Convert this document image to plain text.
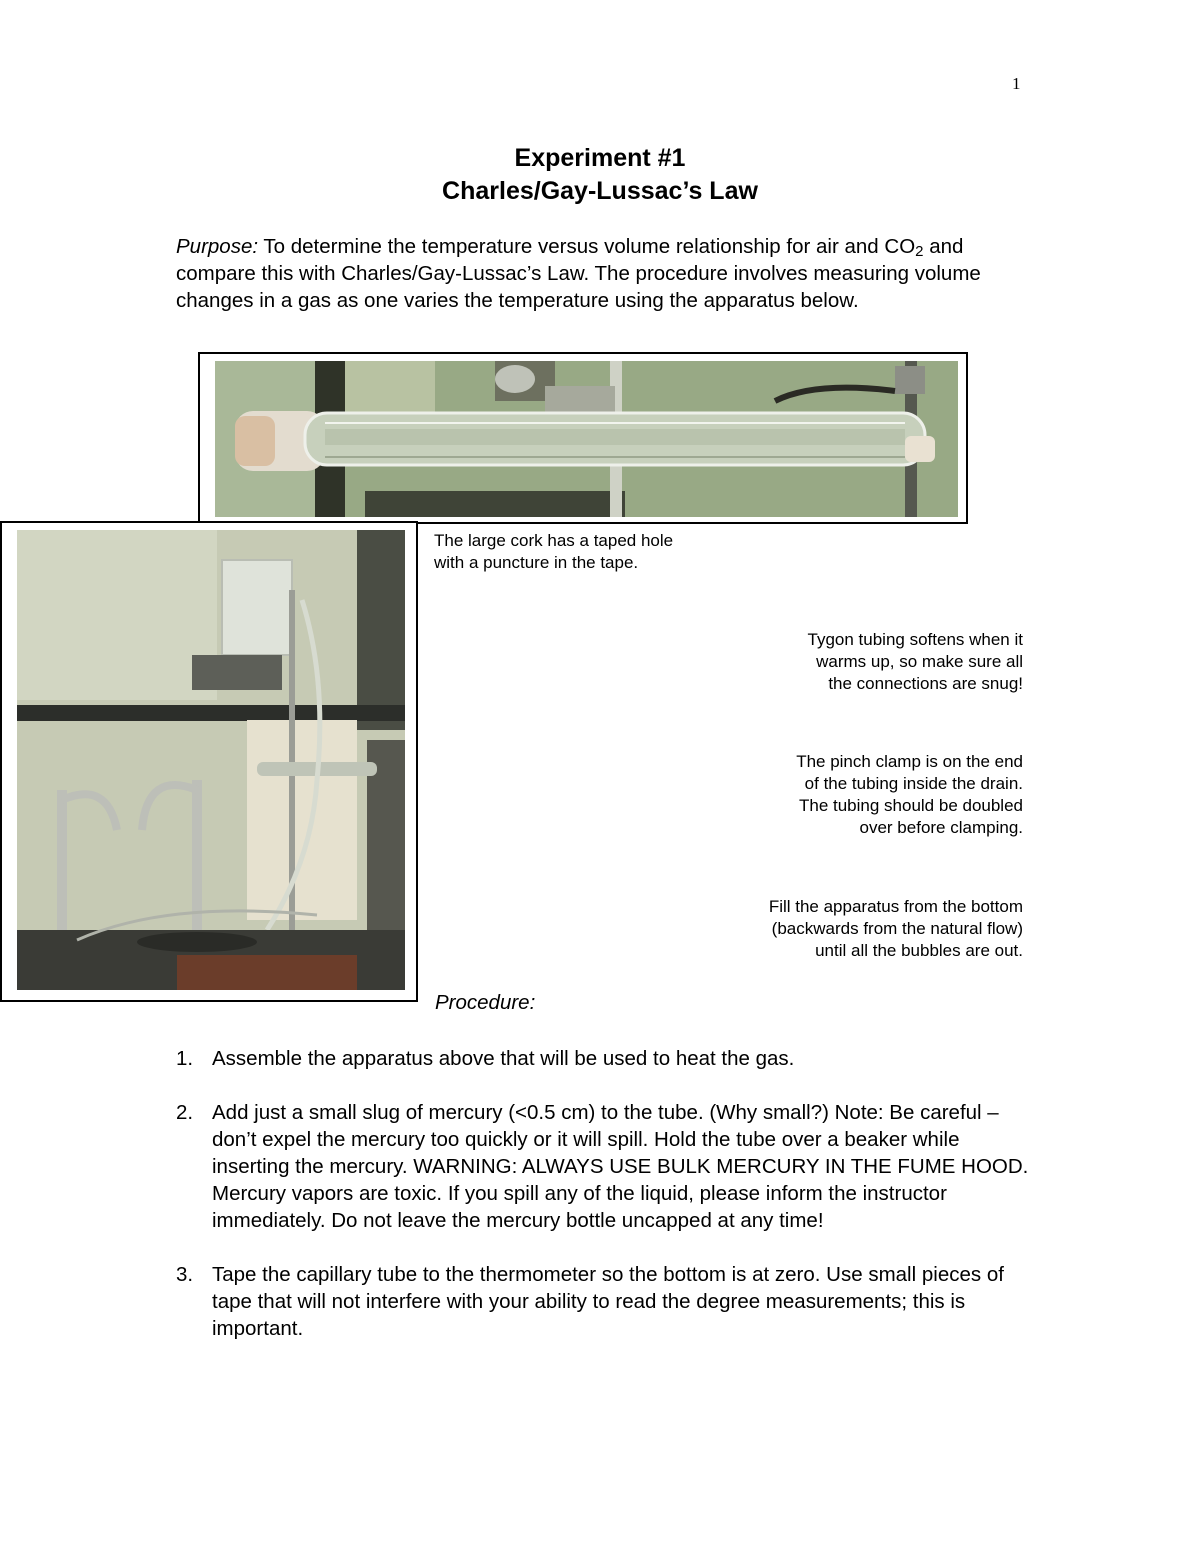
1
Experiment #1
Charles/Gay-Lussac’s Law
Purpose: To determine the temperature versus volume relationship for air and $CO_2$ and compare this with Charles/Gay-Lussac’s Law. The procedure involves measuring volume changes in a gas as one varies the temperature using the apparatus below.
The large cork has a taped hole
with a puncture in the tape.
Tygon tubing softens when it
warms up, so make sure all
the connections are snug!
The pinch clamp is on the end
of the tubing inside the drain.
The tubing should be doubled
over before clamping.
Fill the apparatus from the bottom
(backwards from the natural flow)
until all the bubbles are out.
Procedure:
1. Assemble the apparatus above that will be used to heat the gas.
2. Add just a small slug of mercury (<0.5 cm) to the tube. (Why small?) Note: Be careful – don’t expel the mercury too quickly or it will spill. Hold the tube over a beaker while inserting the mercury. WARNING: ALWAYS USE BULK MERCURY IN THE FUME HOOD. Mercury vapors are toxic. If you spill any of the liquid, please inform the instructor immediately. Do not leave the mercury bottle uncapped at any time!
3. Tape the capillary tube to the thermometer so the bottom is at zero. Use small pieces of tape that will not interfere with your ability to read the degree measurements; this is important.
